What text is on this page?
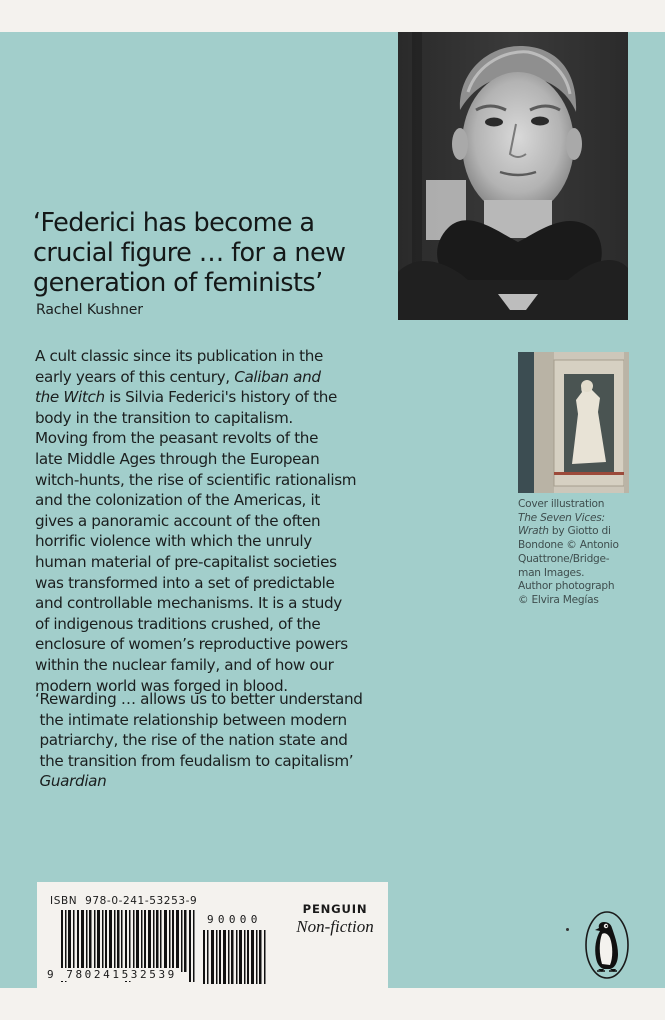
‘Federici has become a
crucial figure … for a new
generation of feminists’
Rachel Kushner
A cult classic since its publication in the
early years of this century, Caliban and
the Witch is Silvia Federici's history of the
body in the transition to capitalism.
Moving from the peasant revolts of the
late Middle Ages through the European
witch-hunts, the rise of scientific rationalism
and the colonization of the Americas, it
gives a panoramic account of the often
horrific violence with which the unruly
human material of pre-capitalist societies
was transformed into a set of predictable
and controllable mechanisms. It is a study
of indigenous traditions crushed, of the
enclosure of women’s reproductive powers
within the nuclear family, and of how our
modern world was forged in blood.
‘Rewarding … allows us to better understand
the intimate relationship between modern
patriarchy, the rise of the nation state and
the transition from feudalism to capitalism’
Guardian
Cover illustration
The Seven Vices:
Wrath by Giotto di
Bondone © Antonio
Quattrone/Bridge-
man Images.
Author photograph
© Elvira Megías
ISBN  978-0-241-53253-9
9 780241532539
90000
PENGUIN
Non-fiction
